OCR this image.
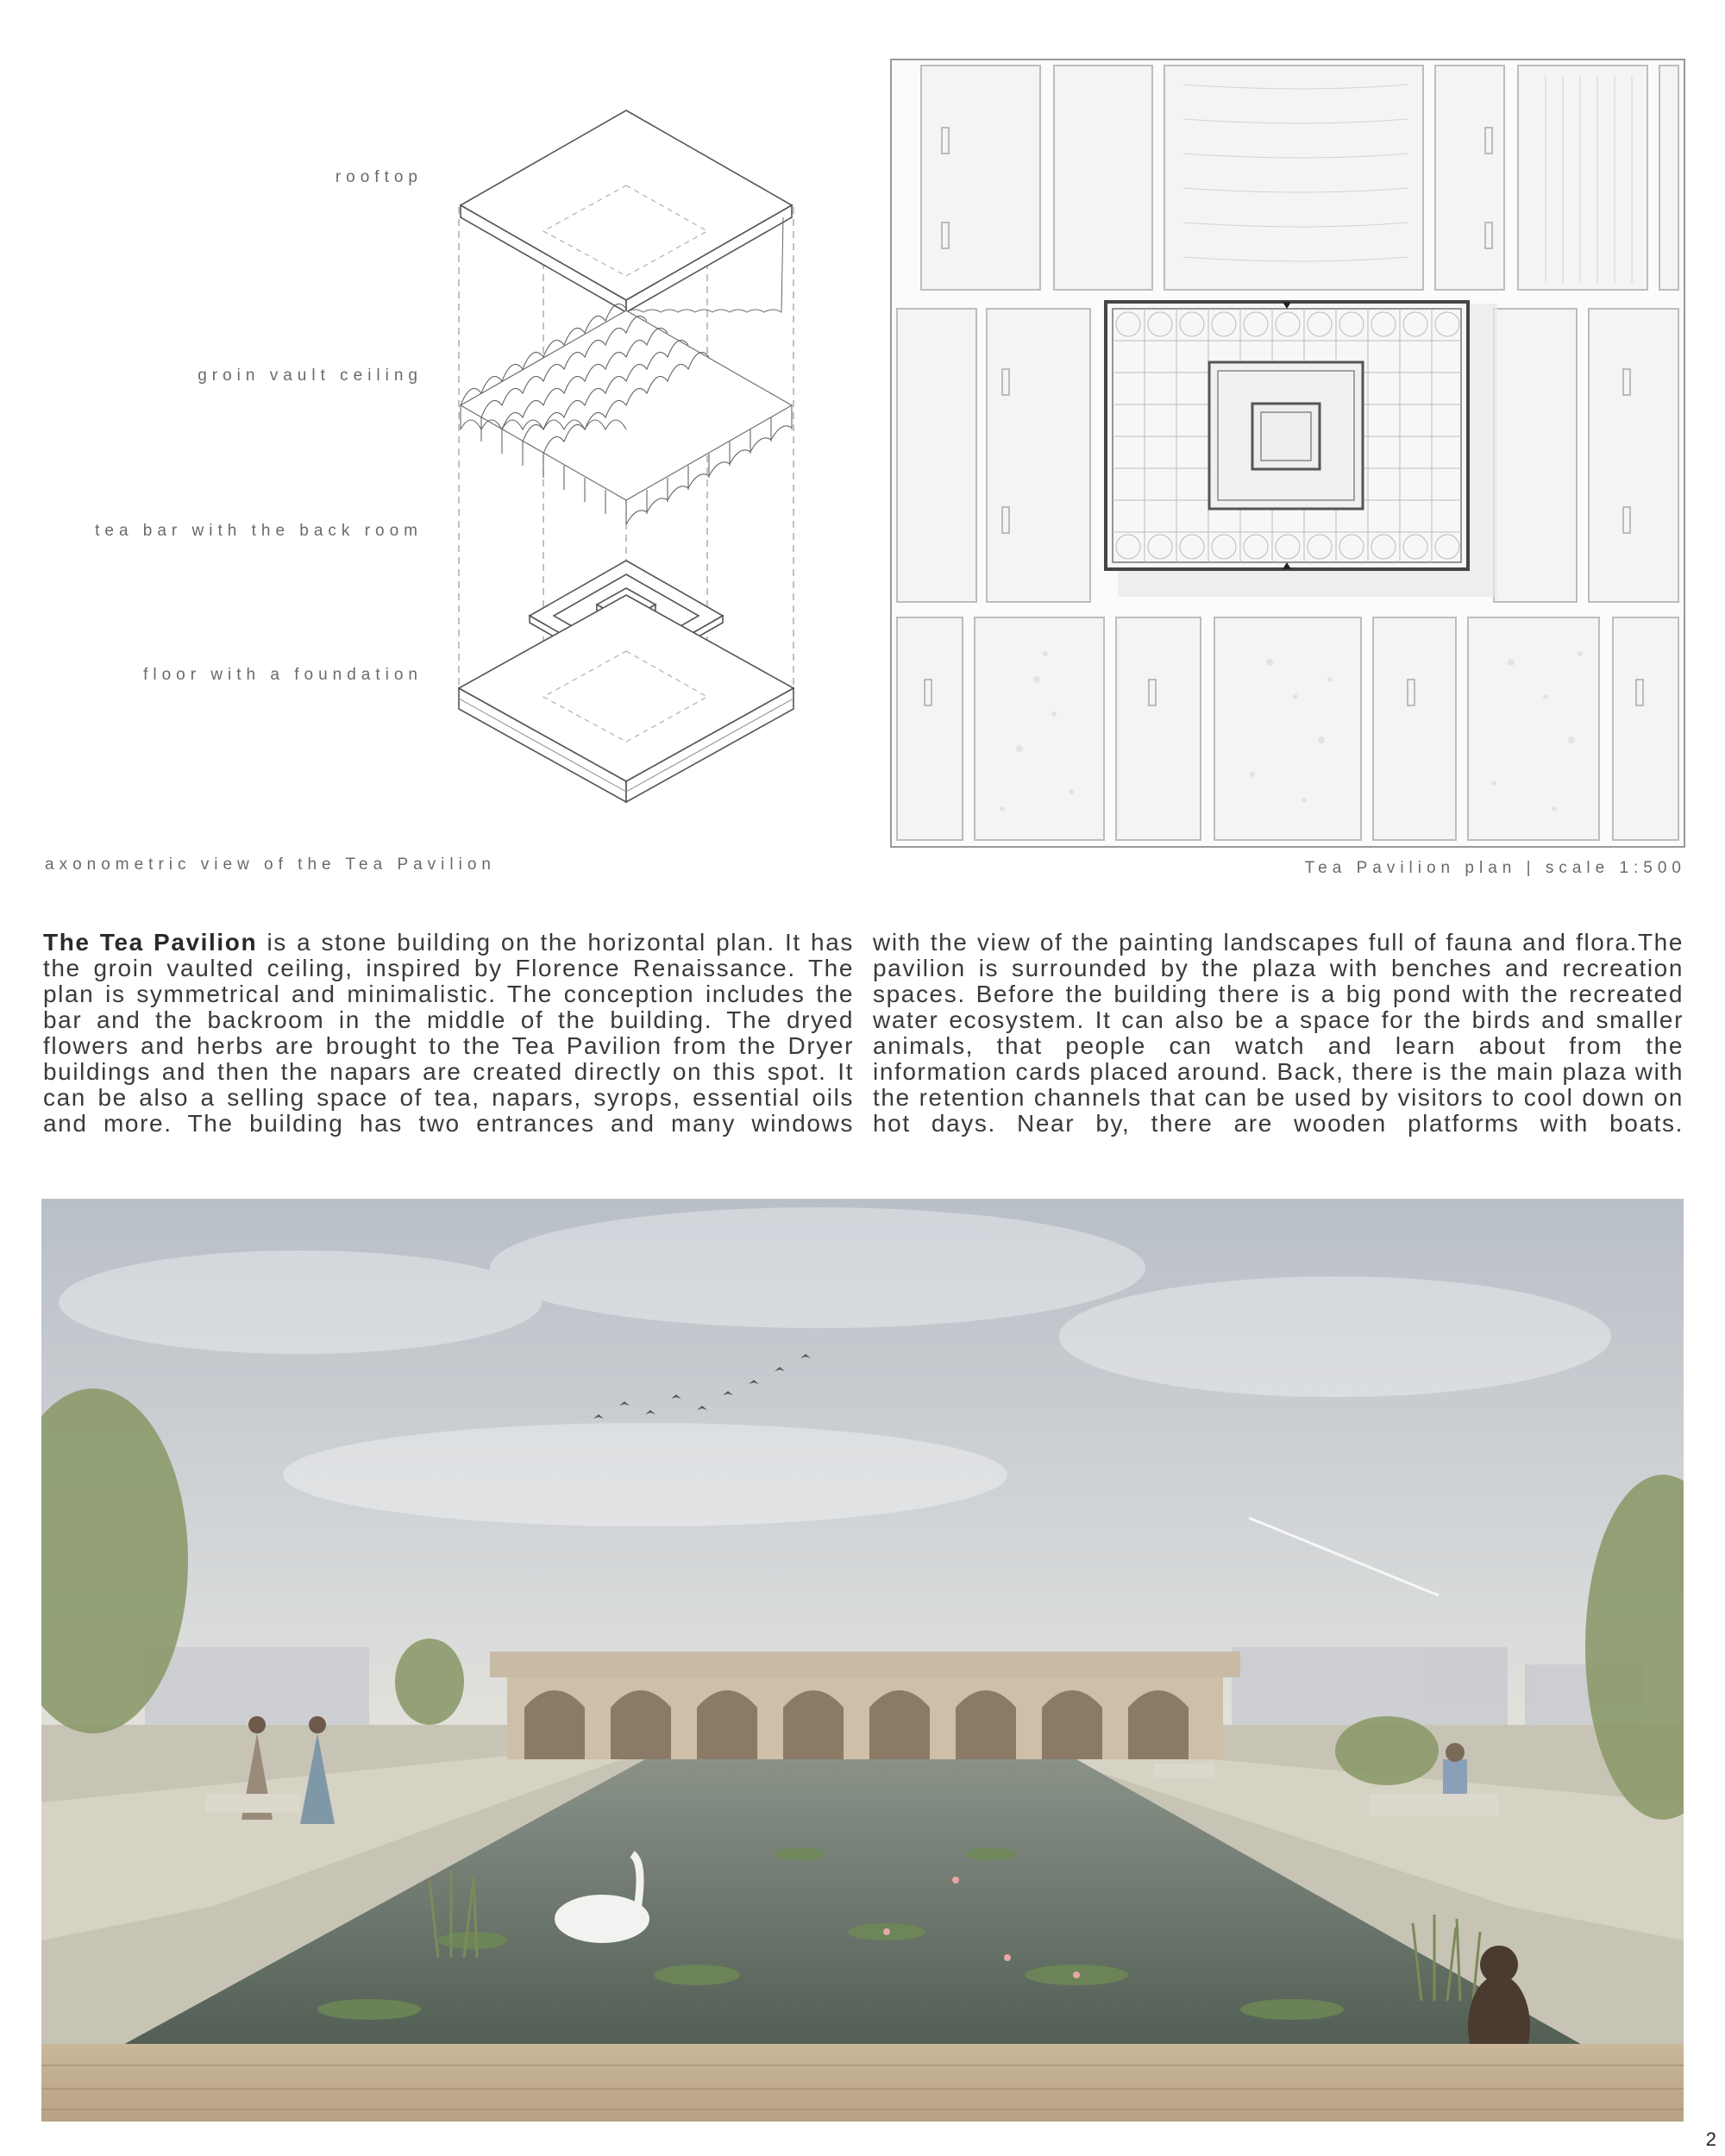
rooftop
groin vault ceiling
tea bar with the back room
floor with a foundation
axonometric view of the Tea Pavilion	Tea Pavilion plan | scale 1:500
The Tea Pavilion is a stone building on the horizontal plan. It has the groin vaulted ceiling, inspired by Florence Renaissance. The plan is symmetrical and minimalistic. The conception includes the bar and the backroom in the middle of the building. The dryed flowers and herbs are brought to the Tea Pavilion from the Dryer buildings and then the napars are created directly on this spot. It can be also a selling space of tea, napars, syrops, essential oils and more. The building has two entrances and many windows
with the view of the painting landscapes full of fauna and flora.The pavilion is surrounded by the plaza with benches and recreation spaces. Before the building there is a big pond with the recreated water ecosystem. It can also be a space for the birds and smaller animals, that people can watch and learn about from the information cards placed around. Back, there is the main plaza with the retention channels that can be used by visitors to cool down on hot days. Near by, there are wooden platforms with boats.
2
